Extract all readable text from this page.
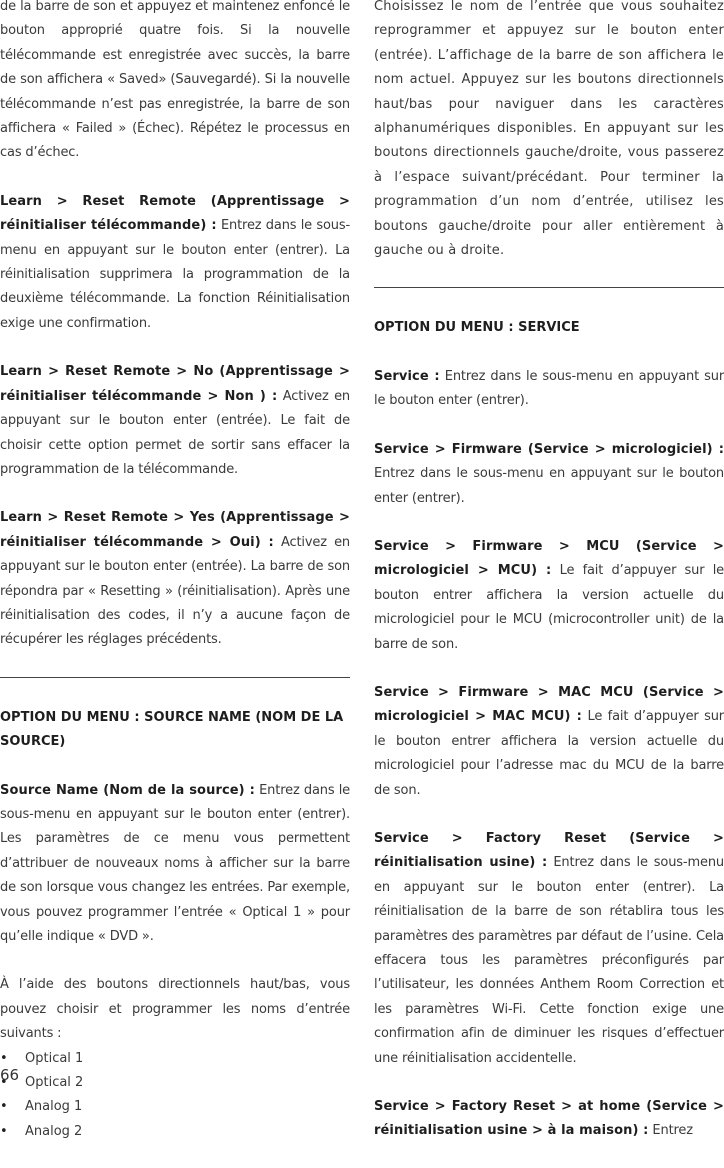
de la barre de son et appuyez et maintenez enfoncé le bouton approprié quatre fois. Si la nouvelle télécommande est enregistrée avec succès, la barre de son affichera « Saved» (Sauvegardé). Si la nouvelle télécommande n’est pas enregistrée, la barre de son affichera « Failed » (Échec). Répétez le processus en cas d’échec.

Learn > Reset Remote (Apprentissage > réinitialiser télécommande) : Entrez dans le sous-menu en appuyant sur le bouton enter (entrer). La réinitialisation supprimera la programmation de la deuxième télécommande. La fonction Réinitialisation exige une confirmation.

Learn > Reset Remote > No (Apprentissage > réinitialiser télécommande > Non ) : Activez en appuyant sur le bouton enter (entrée). Le fait de choisir cette option permet de sortir sans effacer la programmation de la télécommande.

Learn > Reset Remote > Yes (Apprentissage > réinitialiser télécommande > Oui) : Activez en appuyant sur le bouton enter (entrée). La barre de son répondra par « Resetting » (réinitialisation). Après une réinitialisation des codes, il n’y a aucune façon de récupérer les réglages précédents.

OPTION DU MENU : SOURCE NAME (NOM DE LA SOURCE)

Source Name (Nom de la source) : Entrez dans le sous-menu en appuyant sur le bouton enter (entrer). Les paramètres de ce menu vous permettent d’attribuer de nouveaux noms à afficher sur la barre de son lorsque vous changez les entrées. Par exemple, vous pouvez programmer l’entrée « Optical 1 » pour qu’elle indique « DVD ».

À l’aide des boutons directionnels haut/bas, vous pouvez choisir et programmer les noms d’entrée suivants :

• Optical 1
• Optical 2
• Analog 1
• Analog 2

Choisissez le nom de l’entrée que vous souhaitez reprogrammer et appuyez sur le bouton enter (entrée). L’affichage de la barre de son affichera le nom actuel. Appuyez sur les boutons directionnels haut/bas pour naviguer dans les caractères alphanumériques disponibles. En appuyant sur les boutons directionnels gauche/droite, vous passerez à l’espace suivant/précédant. Pour terminer la programmation d’un nom d’entrée, utilisez les boutons gauche/droite pour aller entièrement à gauche ou à droite.

OPTION DU MENU : SERVICE

Service : Entrez dans le sous-menu en appuyant sur le bouton enter (entrer).

Service > Firmware (Service > micrologiciel) : Entrez dans le sous-menu en appuyant sur le bouton enter (entrer).

Service > Firmware > MCU (Service > micrologiciel > MCU) : Le fait d’appuyer sur le bouton entrer affichera la version actuelle du micrologiciel pour le MCU (microcontroller unit) de la barre de son.

Service > Firmware > MAC MCU (Service > micrologiciel > MAC MCU) : Le fait d’appuyer sur le bouton entrer affichera la version actuelle du micrologiciel pour l’adresse mac du MCU de la barre de son.

Service > Factory Reset (Service > réinitialisation usine) : Entrez dans le sous-menu en appuyant sur le bouton enter (entrer). La réinitialisation de la barre de son rétablira tous les paramètres des paramètres par défaut de l’usine. Cela effacera tous les paramètres préconfigurés par l’utilisateur, les données Anthem Room Correction et les paramètres Wi-Fi. Cette fonction exige une confirmation afin de diminuer les risques d’effectuer une réinitialisation accidentelle.

Service > Factory Reset > at home (Service > réinitialisation usine > à la maison) : Entrez

66
